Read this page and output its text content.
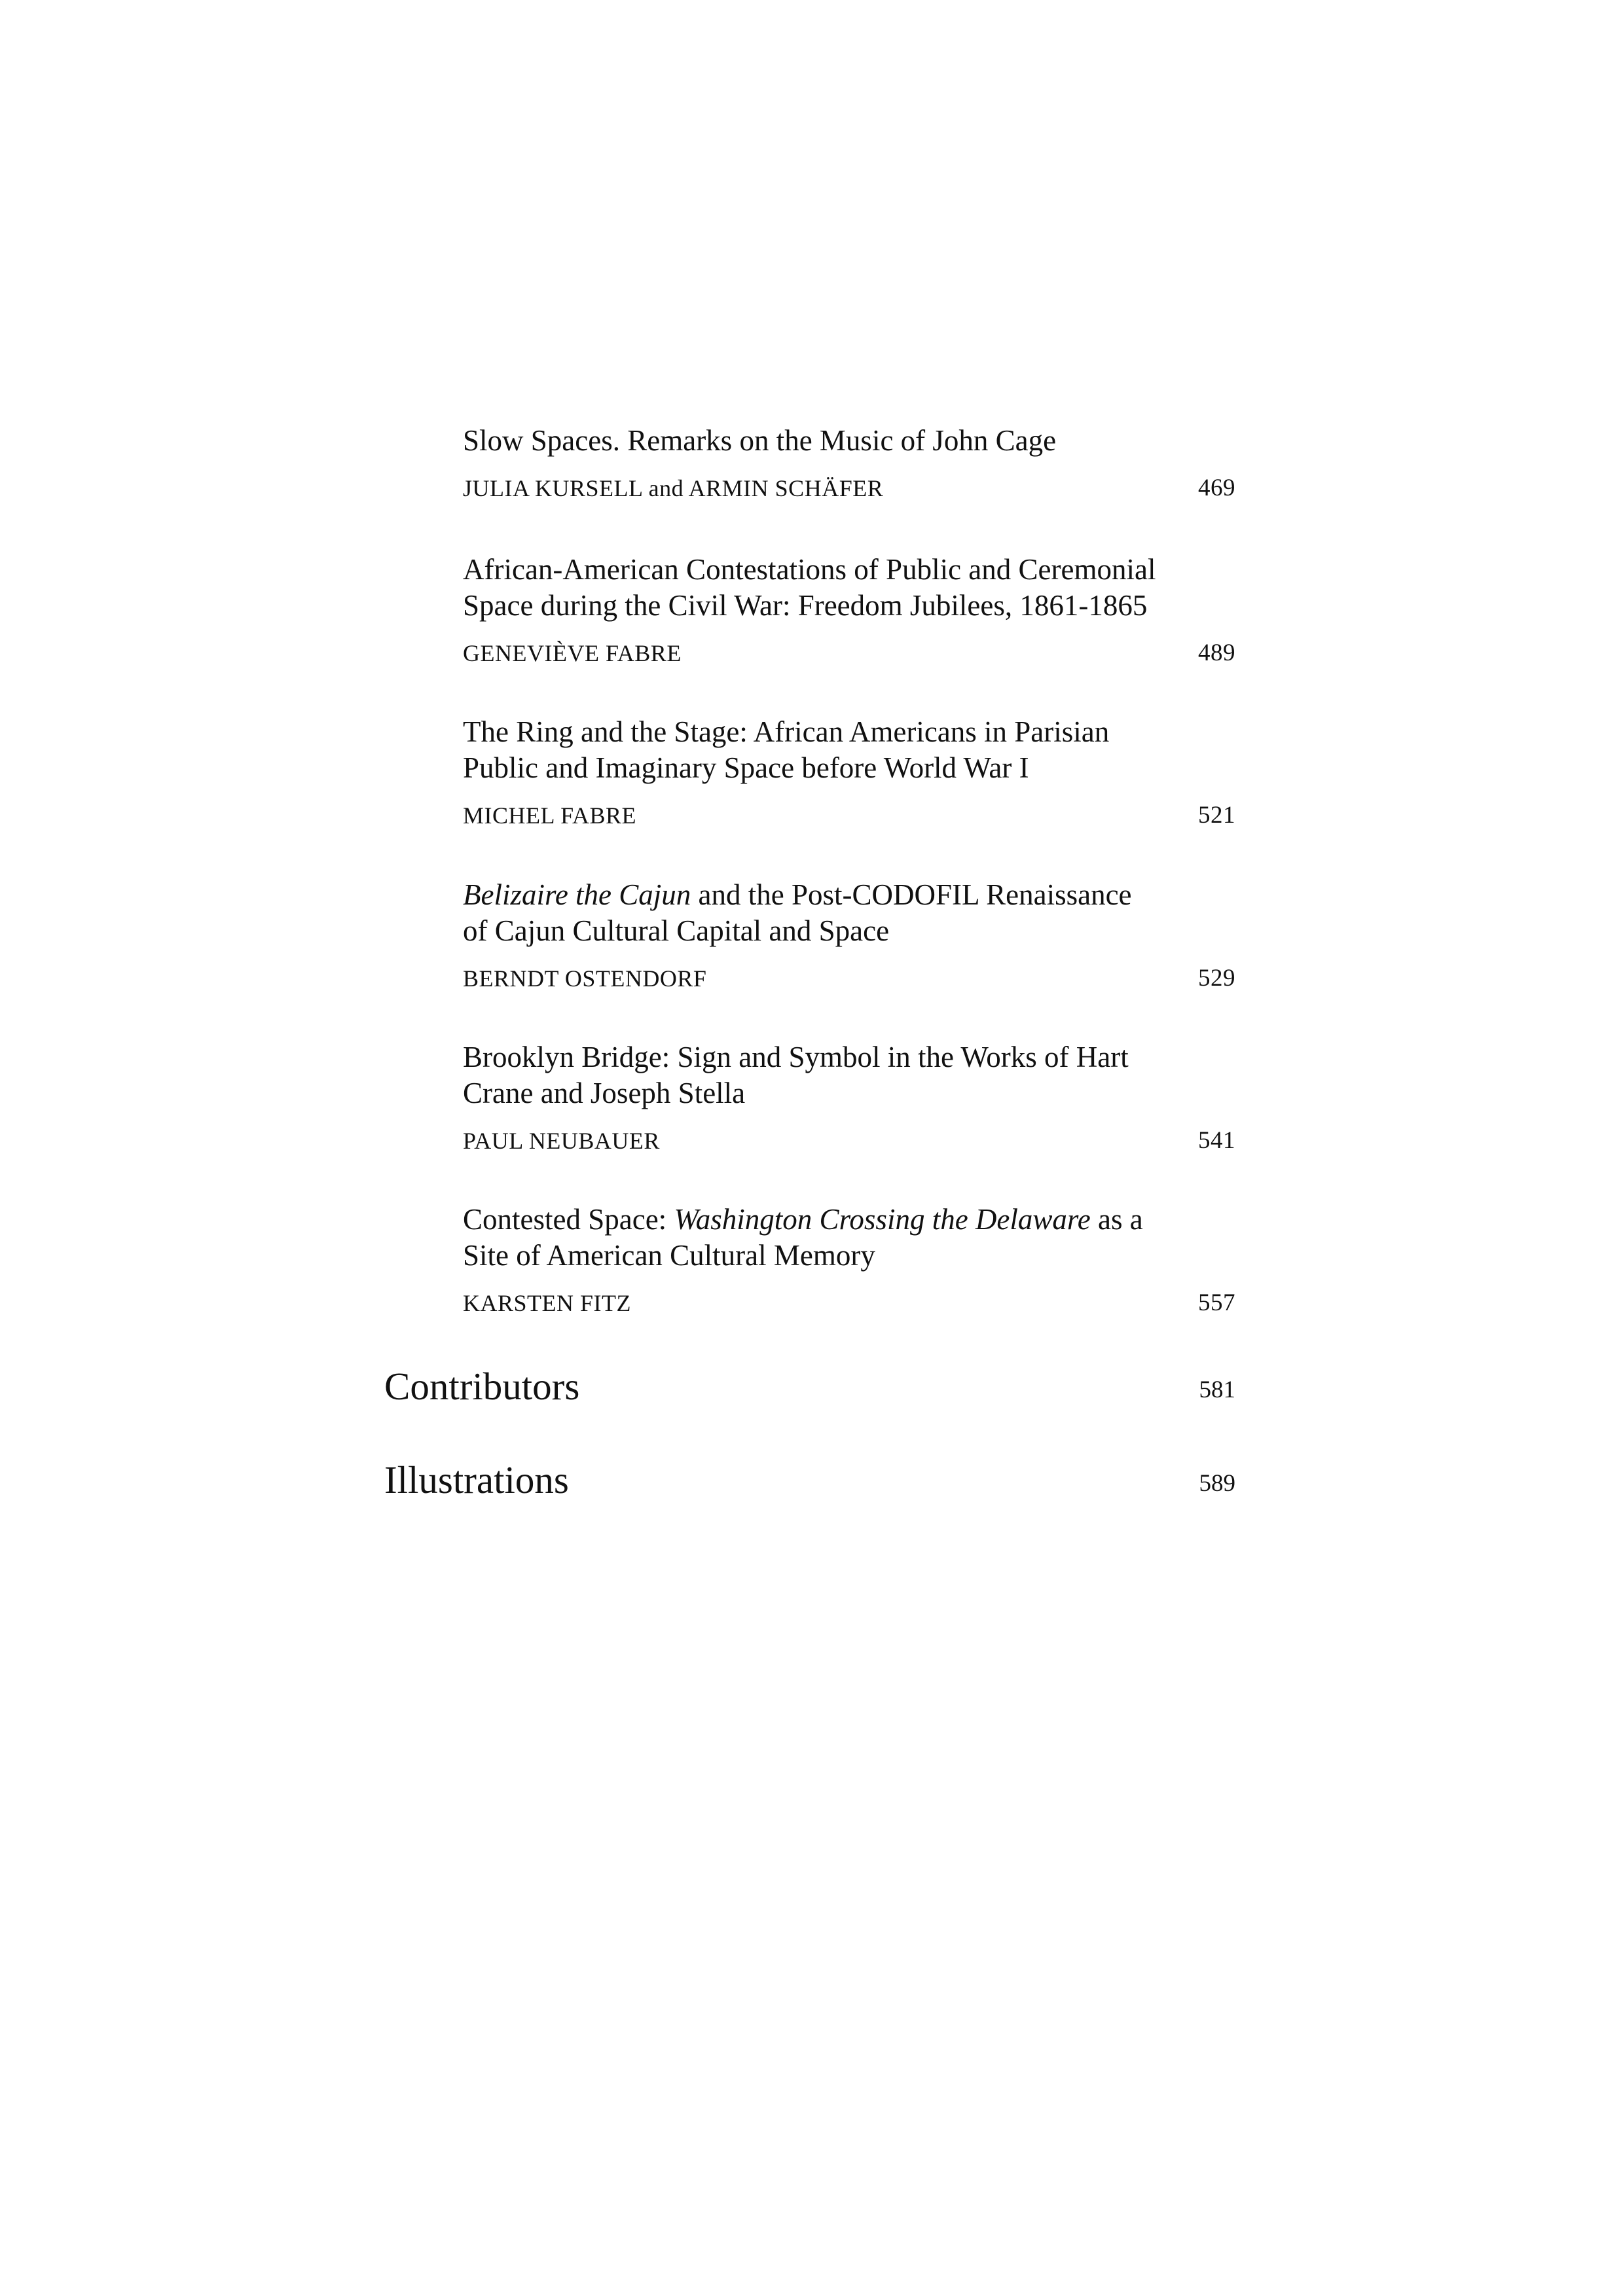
Slow Spaces. Remarks on the Music of John Cage

JULIA KURSELL and ARMIN SCHÄFER	469

African-American Contestations of Public and Ceremonial
Space during the Civil War: Freedom Jubilees, 1861-1865

GENEVIÈVE FABRE	489

The Ring and the Stage: African Americans in Parisian
Public and Imaginary Space before World War I

MICHEL FABRE	521

Belizaire the Cajun and the Post-CODOFIL Renaissance
of Cajun Cultural Capital and Space

BERNDT OSTENDORF	529

Brooklyn Bridge: Sign and Symbol in the Works of Hart
Crane and Joseph Stella

PAUL NEUBAUER	541

Contested Space: Washington Crossing the Delaware as a
Site of American Cultural Memory

KARSTEN FITZ	557
Contributors	581
Illustrations	589
